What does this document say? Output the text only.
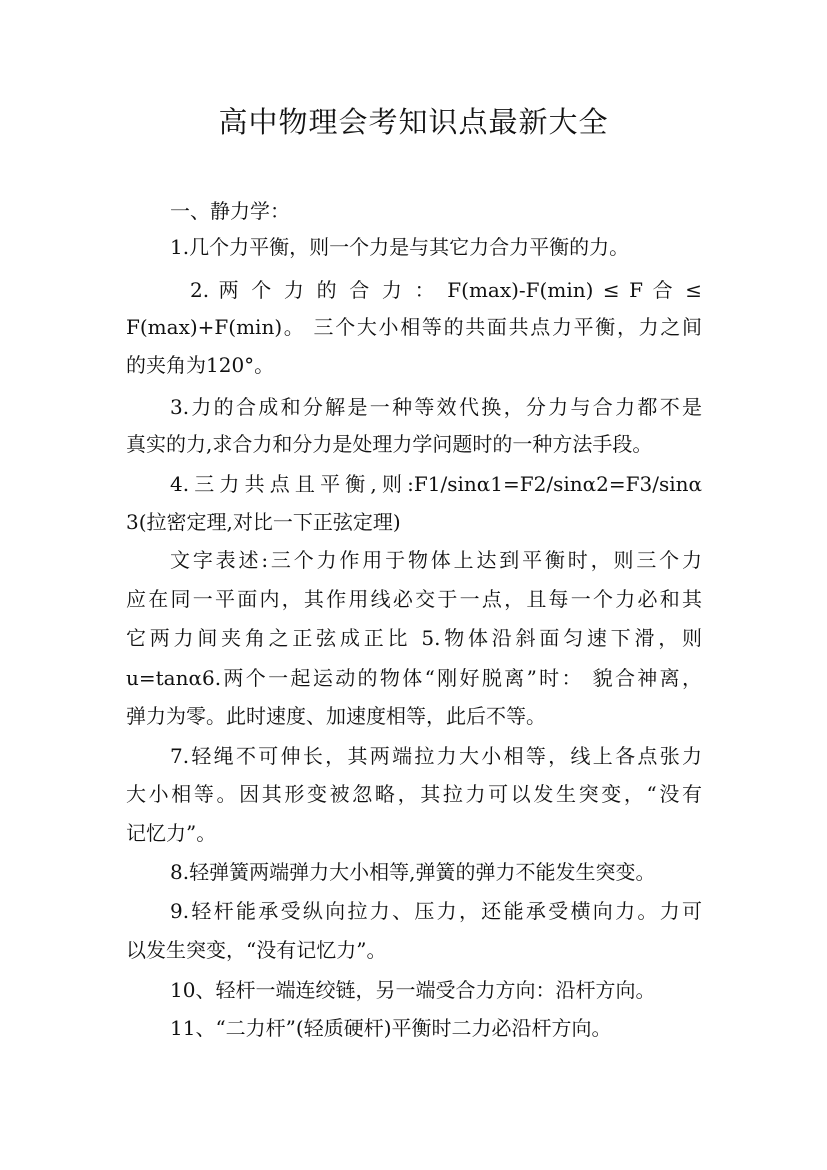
高中物理会考知识点最新大全

一、静力学：

1.几个力平衡，则一个力是与其它力合力平衡的力。

2. 两 个 力 的 合 力 ： F(max)-F(min) ≤ F 合 ≤

F(max)+F(min)。 三个大小相等的共面共点力平衡，力之间

的夹角为120°。

3.力的合成和分解是一种等效代换，分力与合力都不是

真实的力,求合力和分力是处理力学问题时的一种方法手段。

4.三力共点且平衡,则:F1/sinα1=F2/sinα2=F3/sinα

3(拉密定理,对比一下正弦定理)

文字表述:三个力作用于物体上达到平衡时，则三个力

应在同一平面内，其作用线必交于一点，且每一个力必和其

它两力间夹角之正弦成正比 5.物体沿斜面匀速下滑，则

u=tanα6.两个一起运动的物体“刚好脱离”时： 貌合神离，

弹力为零。此时速度、加速度相等，此后不等。

7.轻绳不可伸长，其两端拉力大小相等，线上各点张力

大小相等。因其形变被忽略，其拉力可以发生突变，“没有

记忆力”。

8.轻弹簧两端弹力大小相等,弹簧的弹力不能发生突变。

9.轻杆能承受纵向拉力、压力，还能承受横向力。力可

以发生突变，“没有记忆力”。

10、轻杆一端连绞链，另一端受合力方向：沿杆方向。

11、“二力杆”(轻质硬杆)平衡时二力必沿杆方向。
